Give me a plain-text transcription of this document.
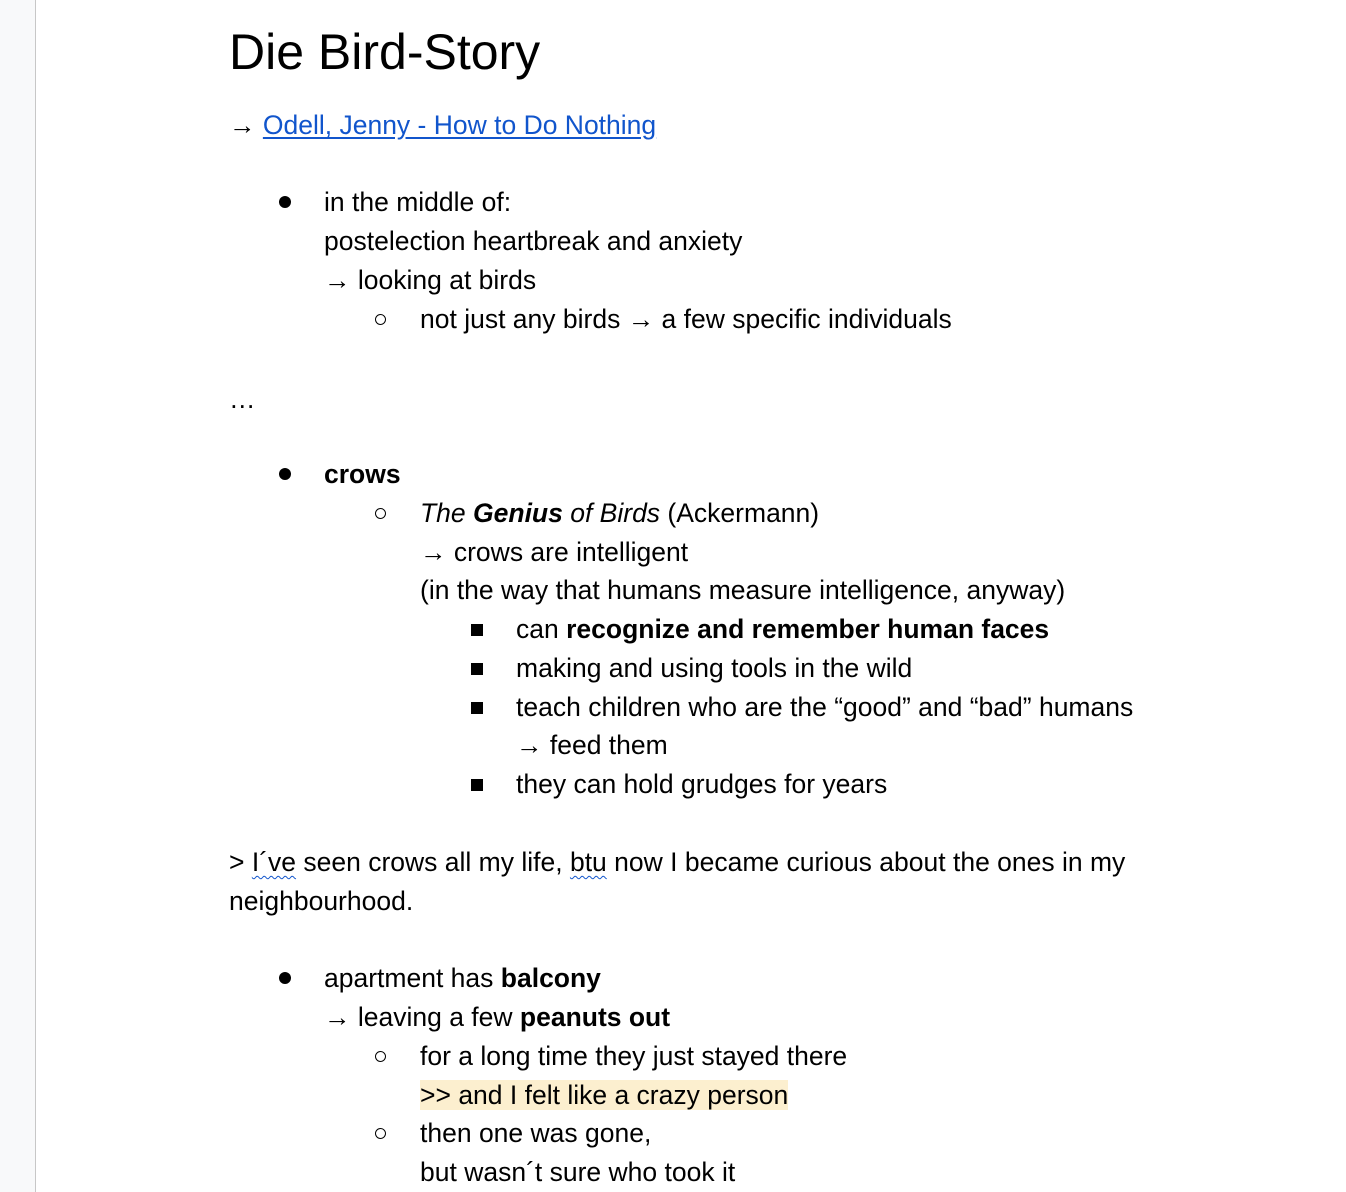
Die Bird-Story
→ Odell, Jenny - How to Do Nothing
in the middle of:
postelection heartbreak and anxiety
→ looking at birds
not just any birds → a few specific individuals
…
crows
The Genius of Birds (Ackermann)
→ crows are intelligent
(in the way that humans measure intelligence, anyway)
can recognize and remember human faces
making and using tools in the wild
teach children who are the “good” and “bad” humans
→ feed them
they can hold grudges for years
> I´ve seen crows all my life, btu now I became curious about the ones in my
neighbourhood.
apartment has balcony
→ leaving a few peanuts out
for a long time they just stayed there
>> and I felt like a crazy person
then one was gone,
but wasn´t sure who took it
